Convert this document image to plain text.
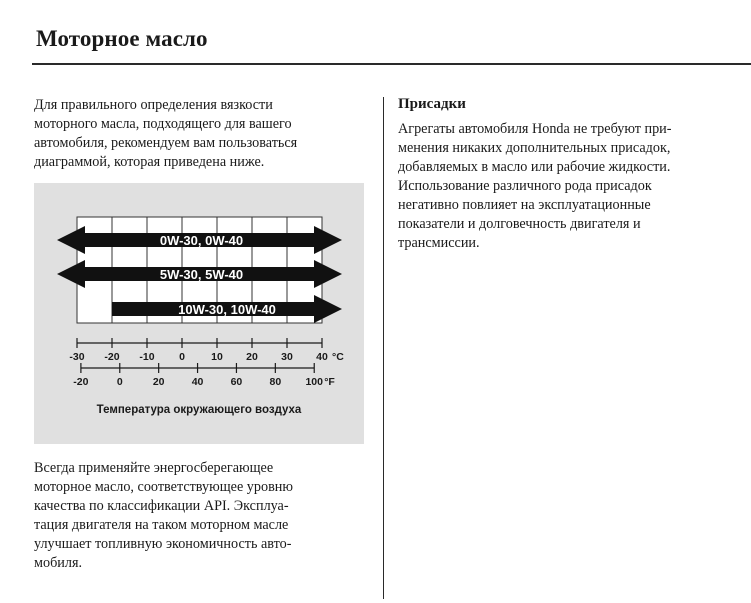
Моторное масло
Для правильного определения вязкости
моторного масла, подходящего для вашего
автомобиля, рекомендуем вам пользоваться
диаграммой, которая приведена ниже.
0W-30, 0W-40
5W-30, 5W-40
10W-30, 10W-40
-30 -20 -10 0 10 20 30 40 °C
-20	0	20	40	60	80 100 °F
Температура окружающего воздуха
Всегда применяйте энергосберегающее
моторное масло, соответствующее уровню
качества по классификации API. Эксплуа-
тация двигателя на таком моторном масле
улучшает топливную экономичность авто-
мобиля.
Присадки
Агрегаты автомобиля Honda не требуют при-
менения никаких дополнительных присадок,
добавляемых в масло или рабочие жидкости.
Использование различного рода присадок
негативно повлияет на эксплуатационные
показатели и долговечность двигателя и
трансмиссии.
